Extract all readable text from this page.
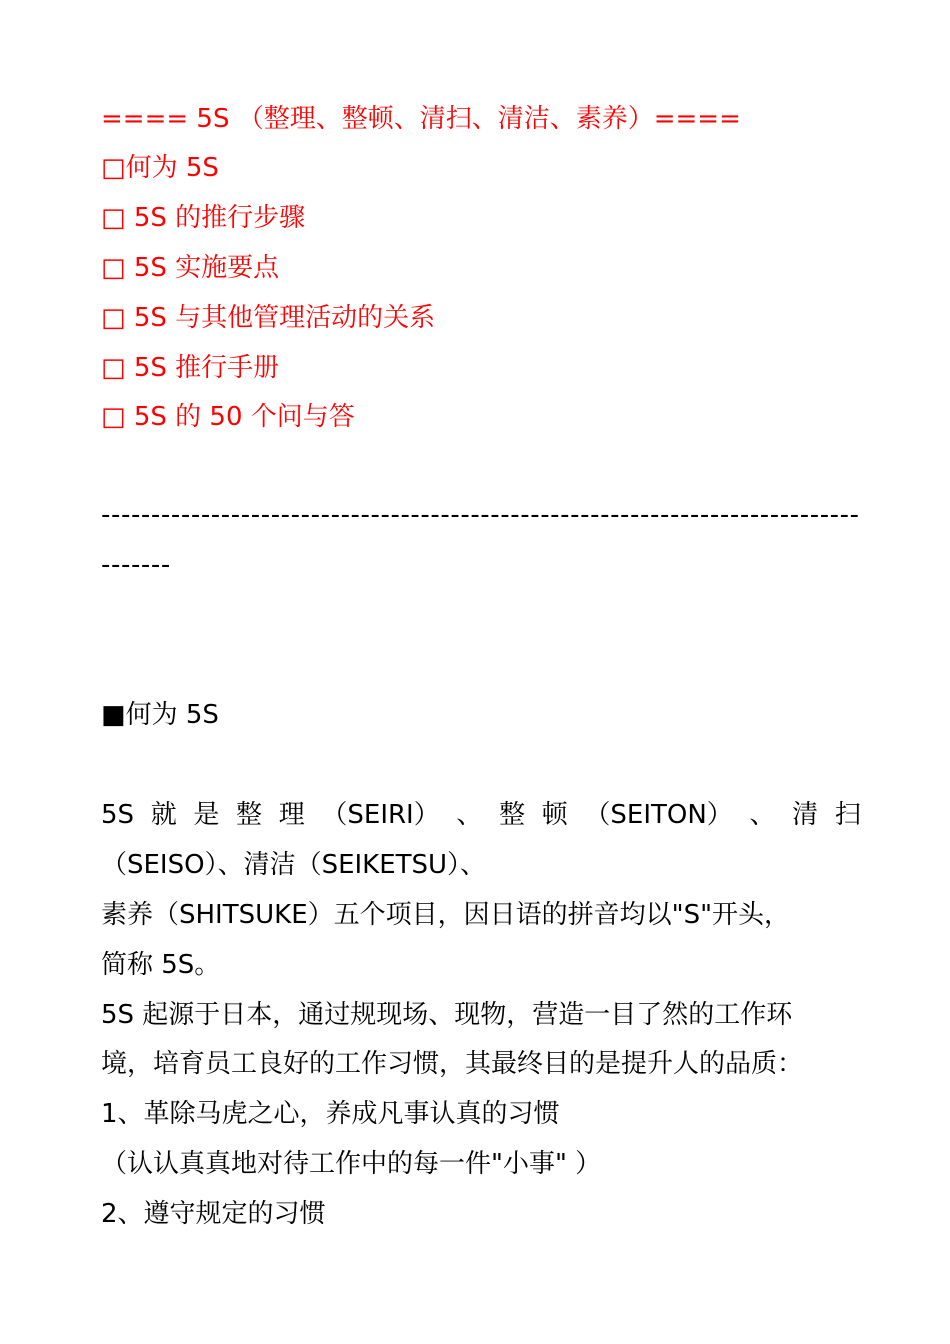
==== 5S （整理、整顿、清扫、清洁、素养）====
□何为 5S
□ 5S 的推行步骤
□ 5S 实施要点
□ 5S 与其他管理活动的关系
□ 5S 推行手册
□ 5S 的 50 个问与答
----------------------------------------------------------------------------
-------
■何为 5S
5S 就 是 整 理 （SEIRI） 、 整 顿 （SEITON） 、 清 扫
（SEISO）、清洁（SEIKETSU）、
素养（SHITSUKE）五个项目，因日语的拼音均以"S"开头，
简称 5S。
5S 起源于日本，通过规现场、现物，营造一目了然的工作环
境，培育员工良好的工作习惯，其最终目的是提升人的品质：
1、革除马虎之心，养成凡事认真的习惯
（认认真真地对待工作中的每一件"小事" ）
2、遵守规定的习惯
